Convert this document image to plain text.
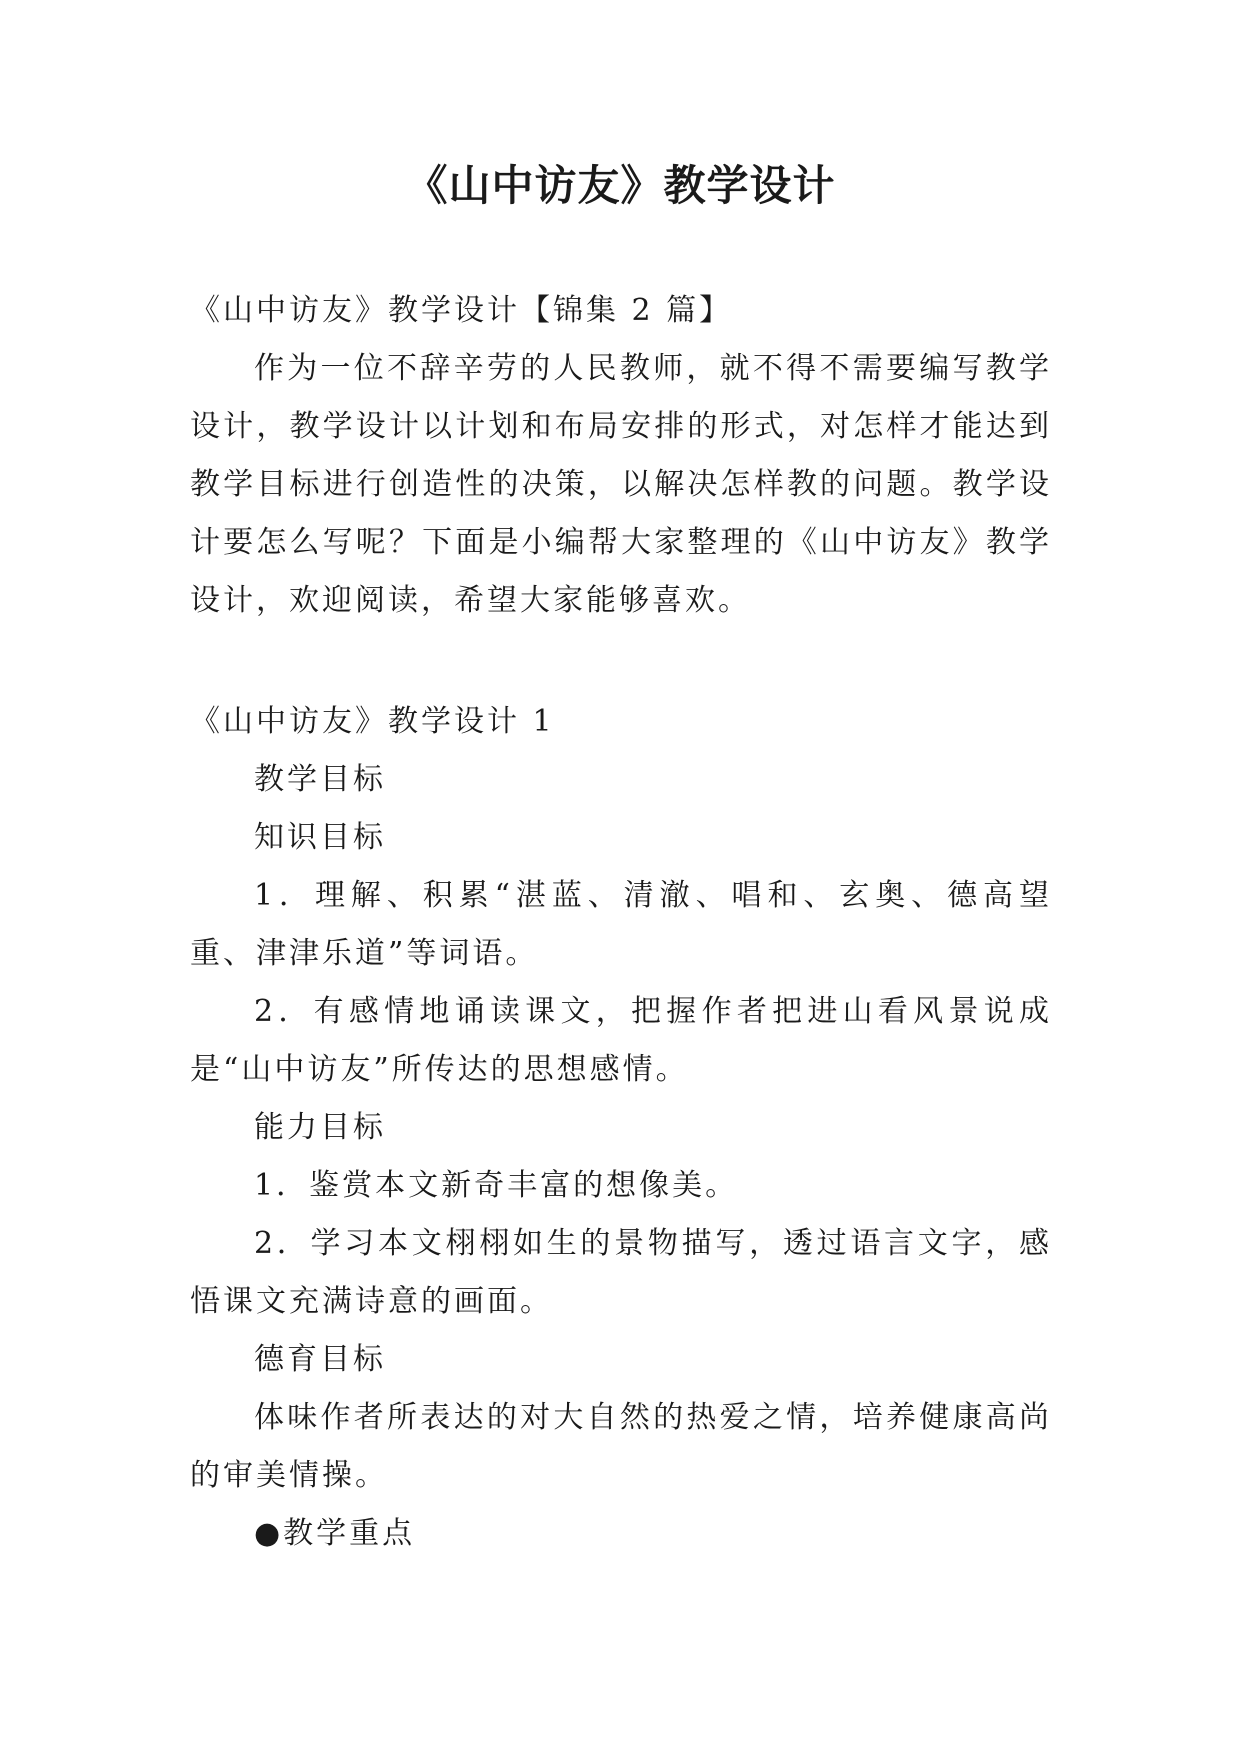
《山中访友》教学设计

《山中访友》教学设计【锦集 2 篇】

作为一位不辞辛劳的人民教师，就不得不需要编写教学设计，教学设计以计划和布局安排的形式，对怎样才能达到教学目标进行创造性的决策，以解决怎样教的问题。教学设计要怎么写呢？下面是小编帮大家整理的《山中访友》教学设计，欢迎阅读，希望大家能够喜欢。

《山中访友》教学设计 1

教学目标

知识目标

1．理解、积累“湛蓝、清澈、唱和、玄奥、德高望重、津津乐道”等词语。

2．有感情地诵读课文，把握作者把进山看风景说成是“山中访友”所传达的思想感情。

能力目标

1．鉴赏本文新奇丰富的想像美。

2．学习本文栩栩如生的景物描写，透过语言文字，感悟课文充满诗意的画面。

德育目标

体味作者所表达的对大自然的热爱之情，培养健康高尚的审美情操。

●教学重点
